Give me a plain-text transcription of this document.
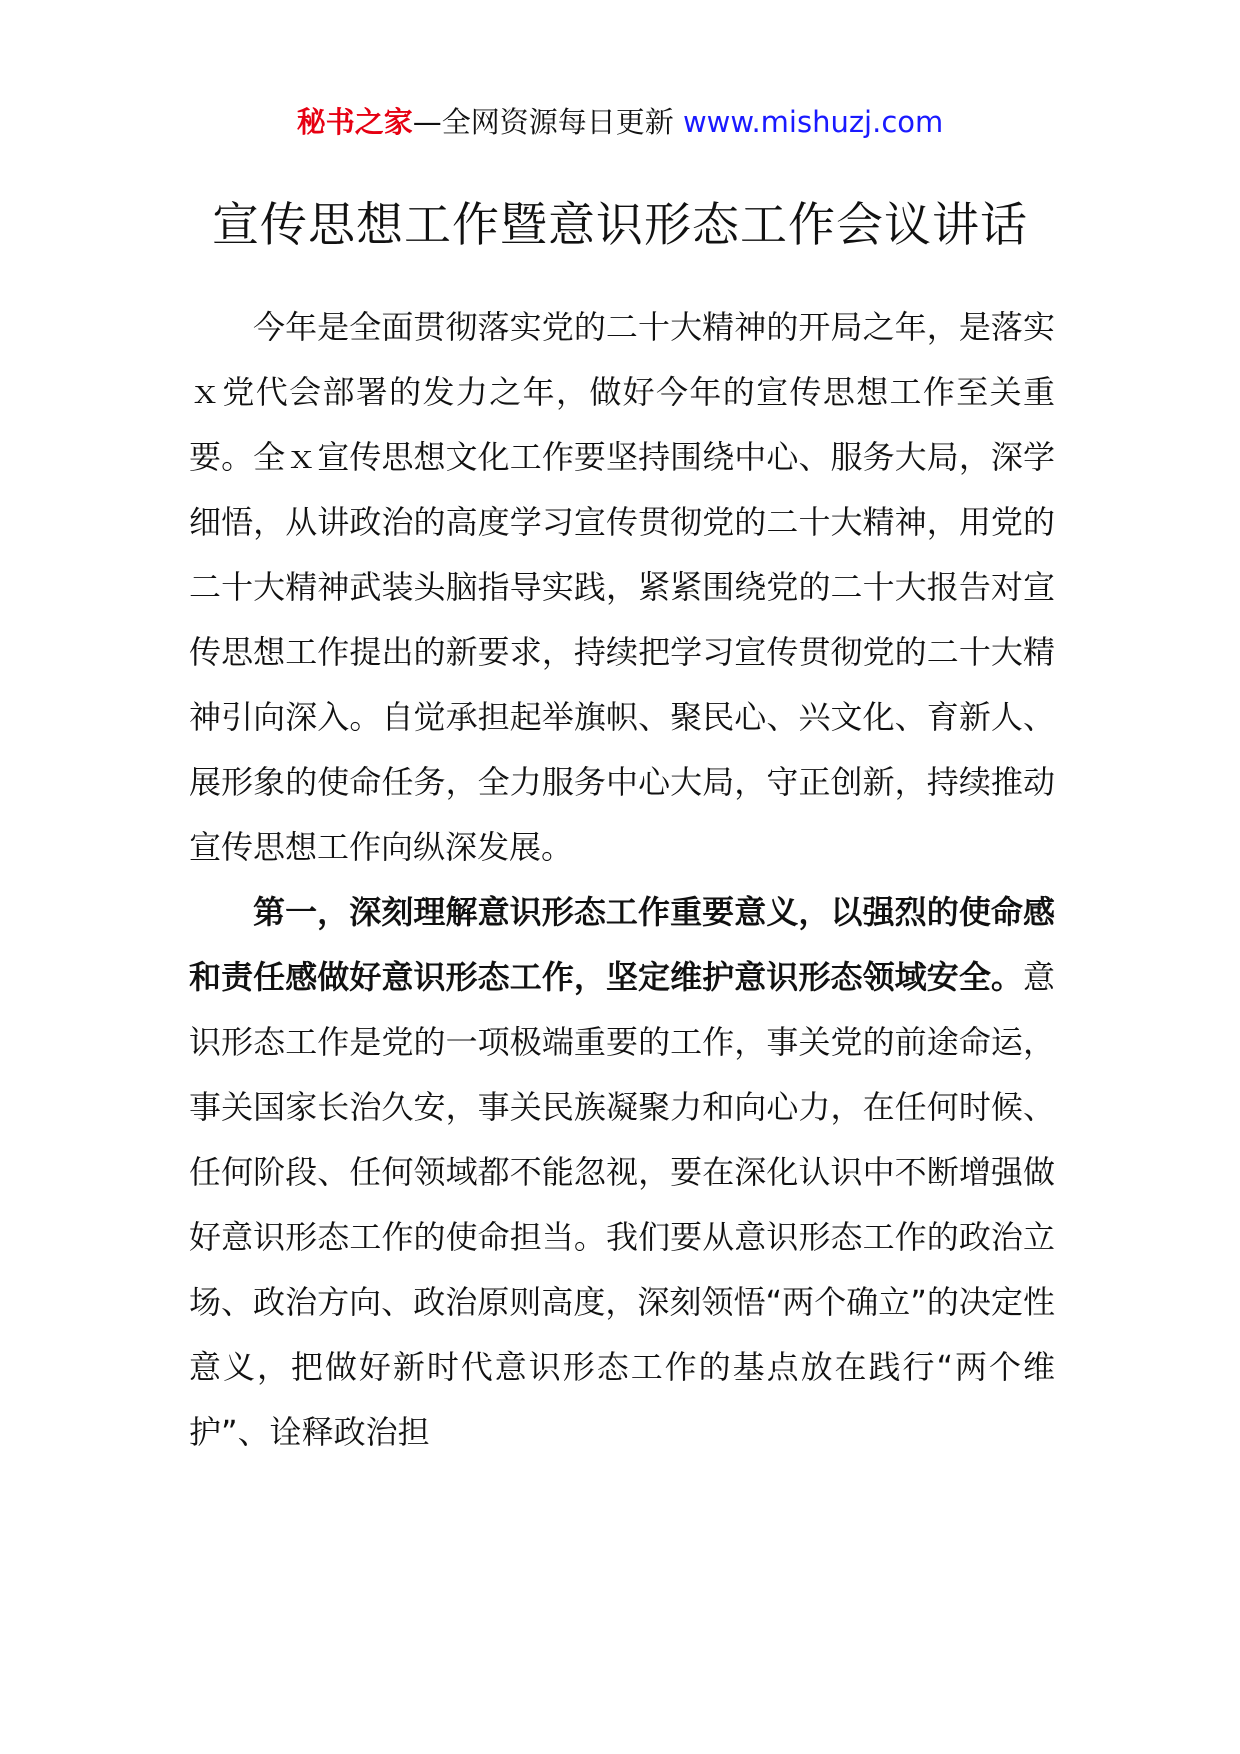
秘书之家—全网资源每日更新 www.mishuzj.com
宣传思想工作暨意识形态工作会议讲话

今年是全面贯彻落实党的二十大精神的开局之年，是落实ｘ党代会部署的发力之年，做好今年的宣传思想工作至关重要。全ｘ宣传思想文化工作要坚持围绕中心、服务大局，深学细悟，从讲政治的高度学习宣传贯彻党的二十大精神，用党的二十大精神武装头脑指导实践，紧紧围绕党的二十大报告对宣传思想工作提出的新要求，持续把学习宣传贯彻党的二十大精神引向深入。自觉承担起举旗帜、聚民心、兴文化、育新人、展形象的使命任务，全力服务中心大局，守正创新，持续推动宣传思想工作向纵深发展。

第一，深刻理解意识形态工作重要意义，以强烈的使命感和责任感做好意识形态工作，坚定维护意识形态领域安全。意识形态工作是党的一项极端重要的工作，事关党的前途命运，事关国家长治久安，事关民族凝聚力和向心力，在任何时候、任何阶段、任何领域都不能忽视，要在深化认识中不断增强做好意识形态工作的使命担当。我们要从意识形态工作的政治立场、政治方向、政治原则高度，深刻领悟“两个确立”的决定性意义，把做好新时代意识形态工作的基点放在践行“两个维护”、诠释政治担
